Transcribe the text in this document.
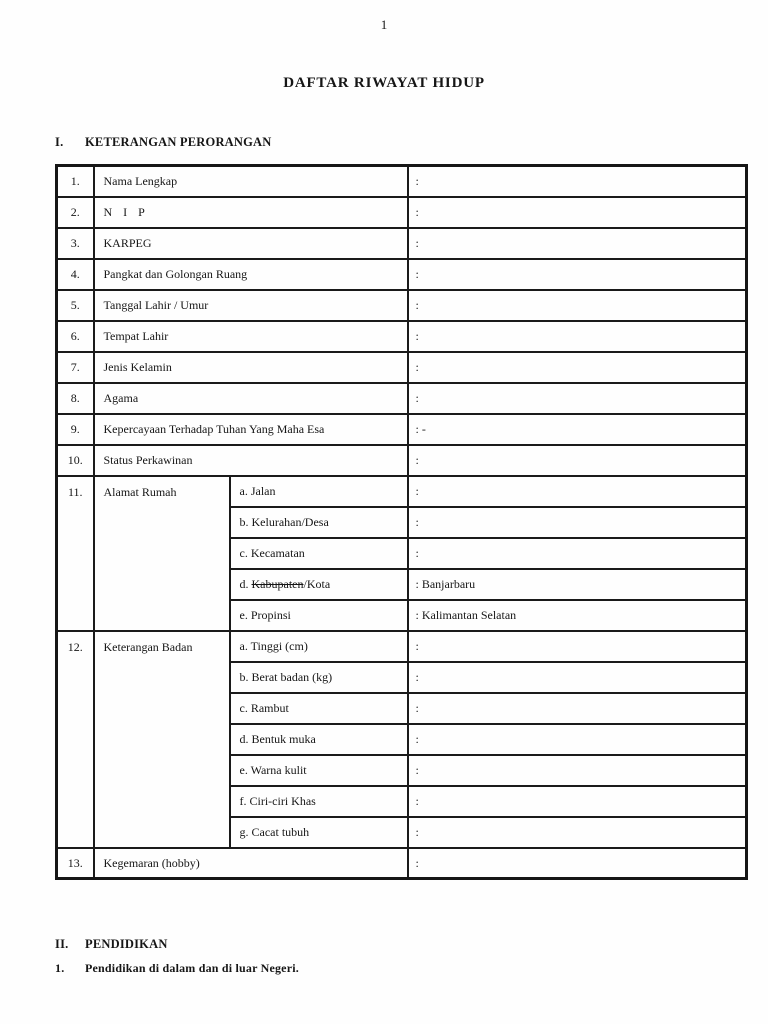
1
DAFTAR RIWAYAT HIDUP
I.	KETERANGAN PERORANGAN
1.	Nama Lengkap		:
2.	N I P		:
3.	KARPEG		:
4.	Pangkat dan Golongan Ruang		:
5.	Tanggal Lahir / Umur		:
6.	Tempat Lahir		:
7.	Jenis Kelamin		:
8.	Agama		:
9.	Kepercayaan Terhadap Tuhan Yang Maha Esa		: -
10.	Status Perkawinan		:
11.	Alamat Rumah	a. Jalan	:
		b. Kelurahan/Desa	:
		c. Kecamatan	:
		d. Kabupaten/Kota	: Banjarbaru
		e. Propinsi	: Kalimantan Selatan
12.	Keterangan Badan	a. Tinggi (cm)	:
		b. Berat badan (kg)	:
		c. Rambut	:
		d. Bentuk muka	:
		e. Warna kulit	:
		f. Ciri-ciri Khas	:
		g. Cacat tubuh	:
13.	Kegemaran (hobby)		:
II.	PENDIDIKAN
1.	Pendidikan di dalam dan di luar Negeri.
